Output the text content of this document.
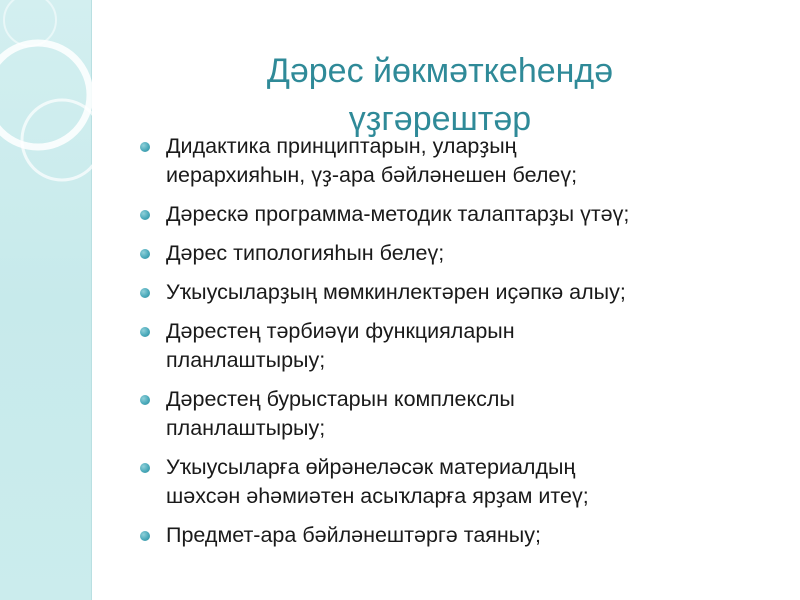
Дәрес йөкмәткеһендә
үҙгәрештәр
Дидактика принциптарын, уларҙың
иерархияһын, үҙ-ара бәйләнешен белеү;
Дәрескә программа-методик талаптарҙы үтәү;
Дәрес типологияһын белеү;
Уҡыусыларҙың мөмкинлектәрен иҫәпкә алыу;
Дәрестең тәрбиәүи функцияларын
планлаштырыу;
Дәрестең бурыстарын комплекслы
планлаштырыу;
Уҡыусыларға өйрәнеләсәк материалдың
шәхсән әһәмиәтен асыҡларға ярҙам итеү;
Предмет-ара бәйләнештәргә таяныу;
